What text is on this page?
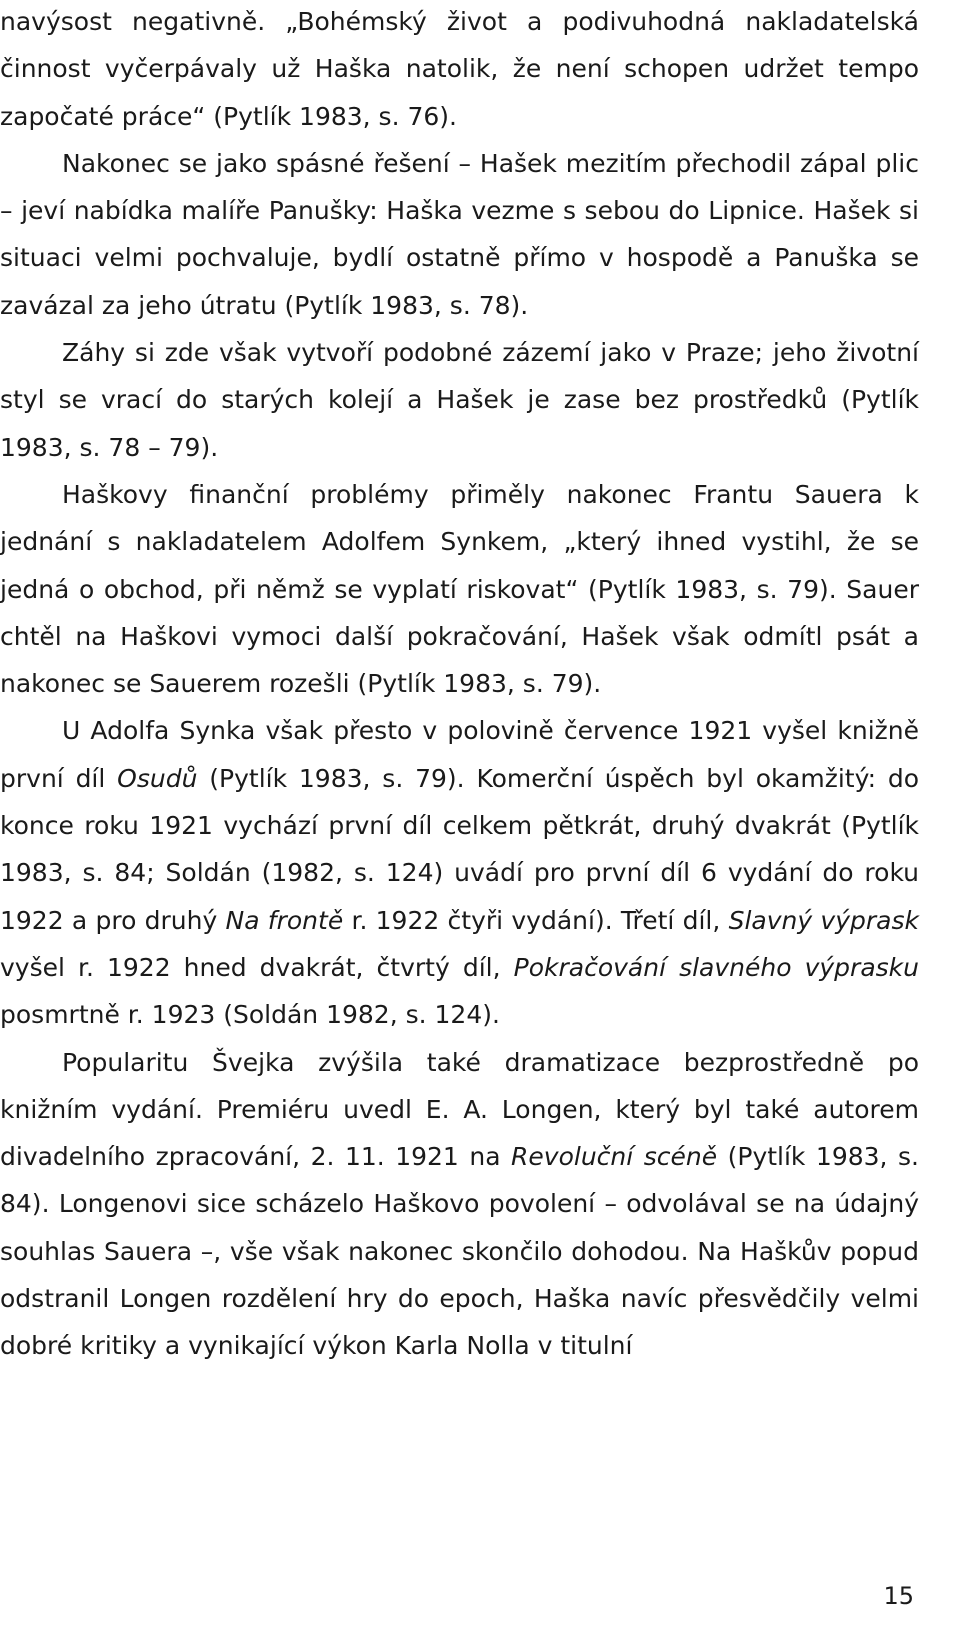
navýsost negativně. „Bohémský život a podivuhodná nakladatelská činnost vyčerpávaly už Haška natolik, že není schopen udržet tempo započaté práce“ (Pytlík 1983, s. 76).

Nakonec se jako spásné řešení – Hašek mezitím přechodil zápal plic – jeví nabídka malíře Panušky: Haška vezme s sebou do Lipnice. Hašek si situaci velmi pochvaluje, bydlí ostatně přímo v hospodě a Panuška se zavázal za jeho útratu (Pytlík 1983, s. 78).

Záhy si zde však vytvoří podobné zázemí jako v Praze; jeho životní styl se vrací do starých kolejí a Hašek je zase bez prostředků (Pytlík 1983, s. 78 – 79).

Haškovy finanční problémy přiměly nakonec Frantu Sauera k jednání s nakladatelem Adolfem Synkem, „který ihned vystihl, že se jedná o obchod, při němž se vyplatí riskovat“ (Pytlík 1983, s. 79). Sauer chtěl na Haškovi vymoci další pokračování, Hašek však odmítl psát a nakonec se Sauerem rozešli (Pytlík 1983, s. 79).

U Adolfa Synka však přesto v polovině července 1921 vyšel knižně první díl Osudů (Pytlík 1983, s. 79). Komerční úspěch byl okamžitý: do konce roku 1921 vychází první díl celkem pětkrát, druhý dvakrát (Pytlík 1983, s. 84; Soldán (1982, s. 124) uvádí pro první díl 6 vydání do roku 1922 a pro druhý Na frontě r. 1922 čtyři vydání). Třetí díl, Slavný výprask vyšel r. 1922 hned dvakrát, čtvrtý díl, Pokračování slavného výprasku posmrtně r. 1923 (Soldán 1982, s. 124).

Popularitu Švejka zvýšila také dramatizace bezprostředně po knižním vydání. Premiéru uvedl E. A. Longen, který byl také autorem divadelního zpracování, 2. 11. 1921 na Revoluční scéně (Pytlík 1983, s. 84). Longenovi sice scházelo Haškovo povolení – odvolával se na údajný souhlas Sauera –, vše však nakonec skončilo dohodou. Na Haškův popud odstranil Longen rozdělení hry do epoch, Haška navíc přesvědčily velmi dobré kritiky a vynikající výkon Karla Nolla v titulní

15
